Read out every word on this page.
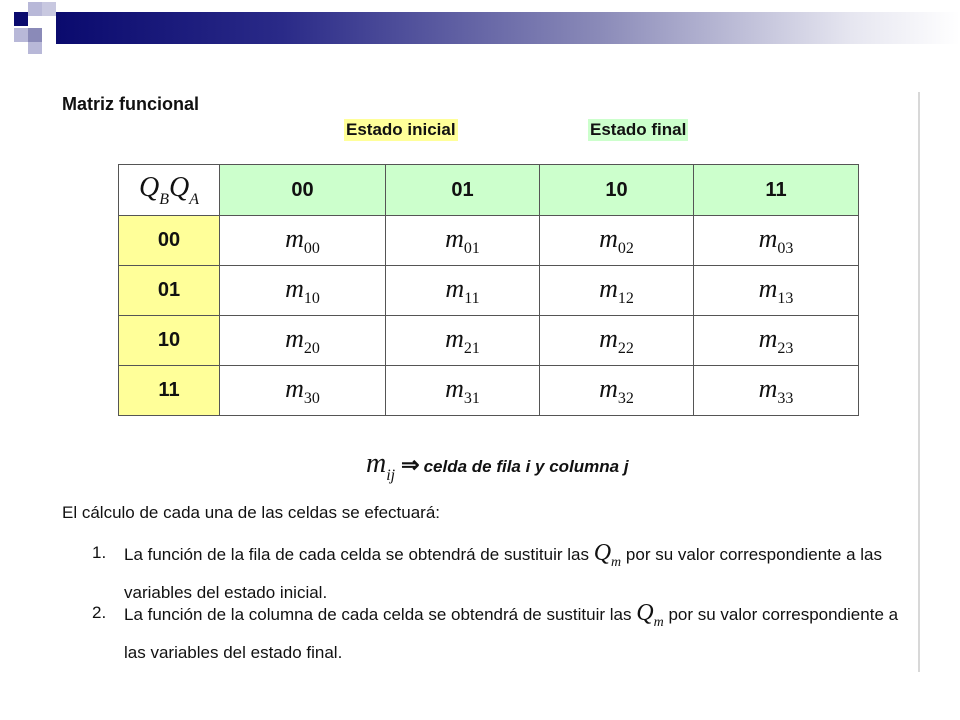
Matriz funcional
Estado inicial	Estado final
$Q_BQ_A$	00	01	10	11
00	$m_{00}$	$m_{01}$	$m_{02}$	$m_{03}$
01	$m_{10}$	$m_{11}$	$m_{12}$	$m_{13}$
10	$m_{20}$	$m_{21}$	$m_{22}$	$m_{23}$
11	$m_{30}$	$m_{31}$	$m_{32}$	$m_{33}$
$m_{ij}$ ⇒ celda de fila i y columna j
El cálculo de cada una de las celdas se efectuará:
1. La función de la fila de cada celda se obtendrá de sustituir las $Q_m$ por su valor correspondiente a las variables del estado inicial.
2. La función de la columna de cada celda se obtendrá de sustituir las $Q_m$ por su valor correspondiente a las variables del estado final.
